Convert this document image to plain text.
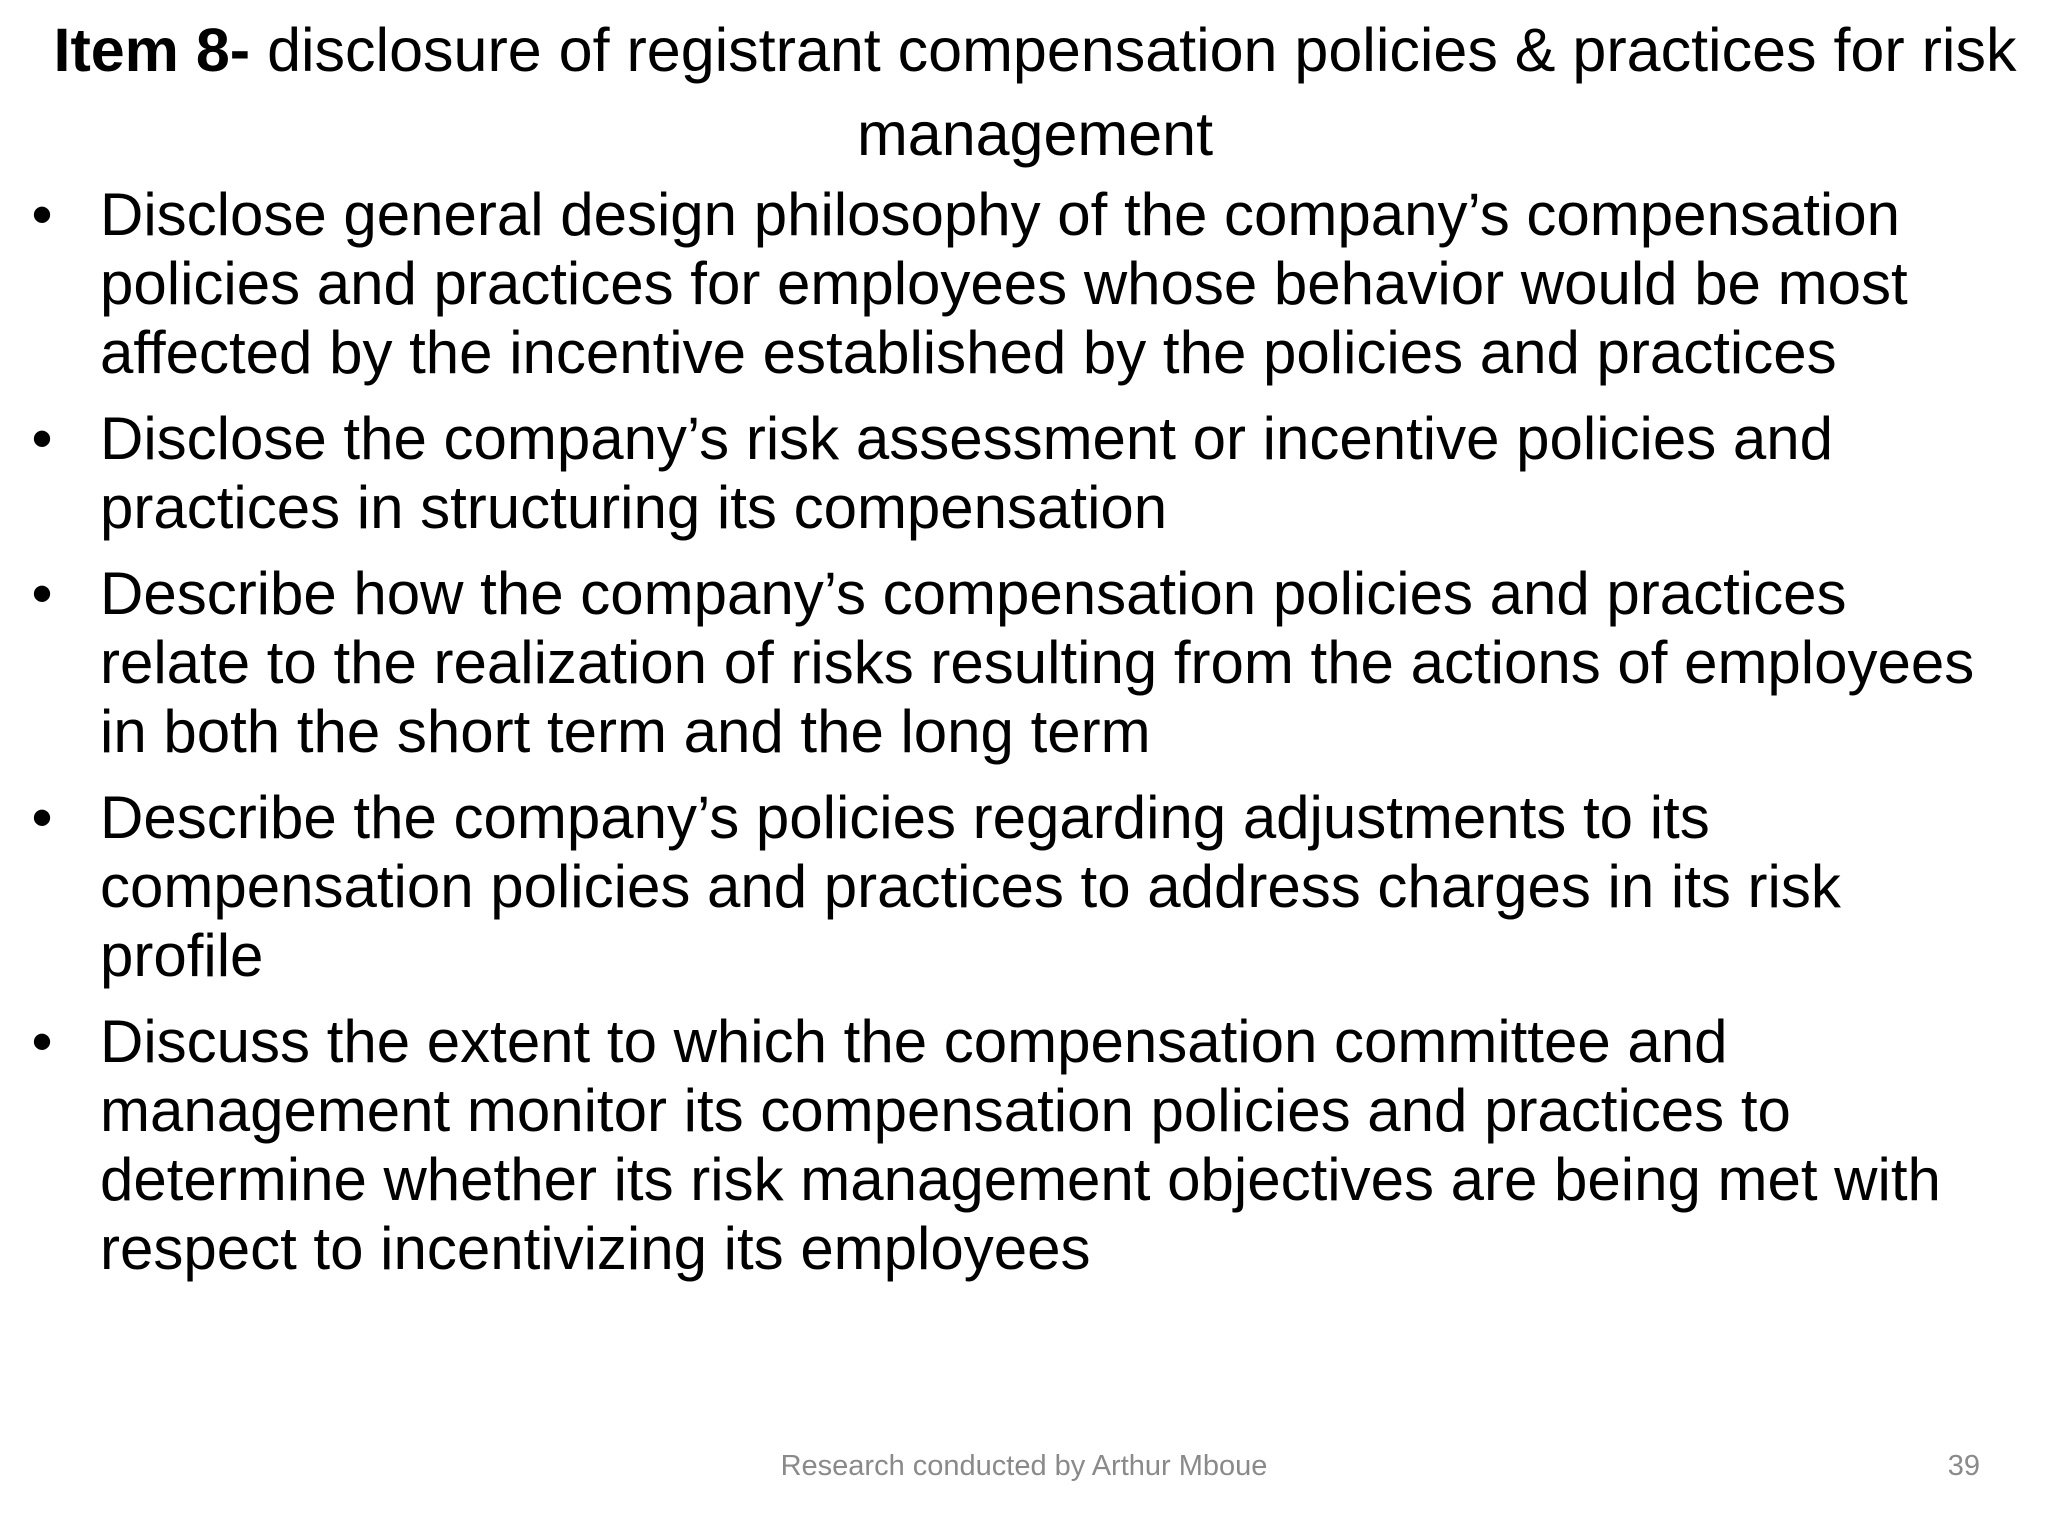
Item 8- disclosure of registrant compensation policies & practices for risk management
• Disclose general design philosophy of the company’s compensation policies and practices for employees whose behavior would be most affected by the incentive established by the policies and practices
• Disclose the company’s risk assessment or incentive policies and practices in structuring its compensation
• Describe how the company’s compensation policies and practices relate to the realization of risks resulting from the actions of employees in both the short term and the long term
• Describe the company’s policies regarding adjustments to its compensation policies and practices to address charges in its risk profile
• Discuss the extent to which the compensation committee and management monitor its compensation policies and practices to determine whether its risk management objectives are being met with respect to incentivizing its employees
Research conducted by Arthur Mboue	39
